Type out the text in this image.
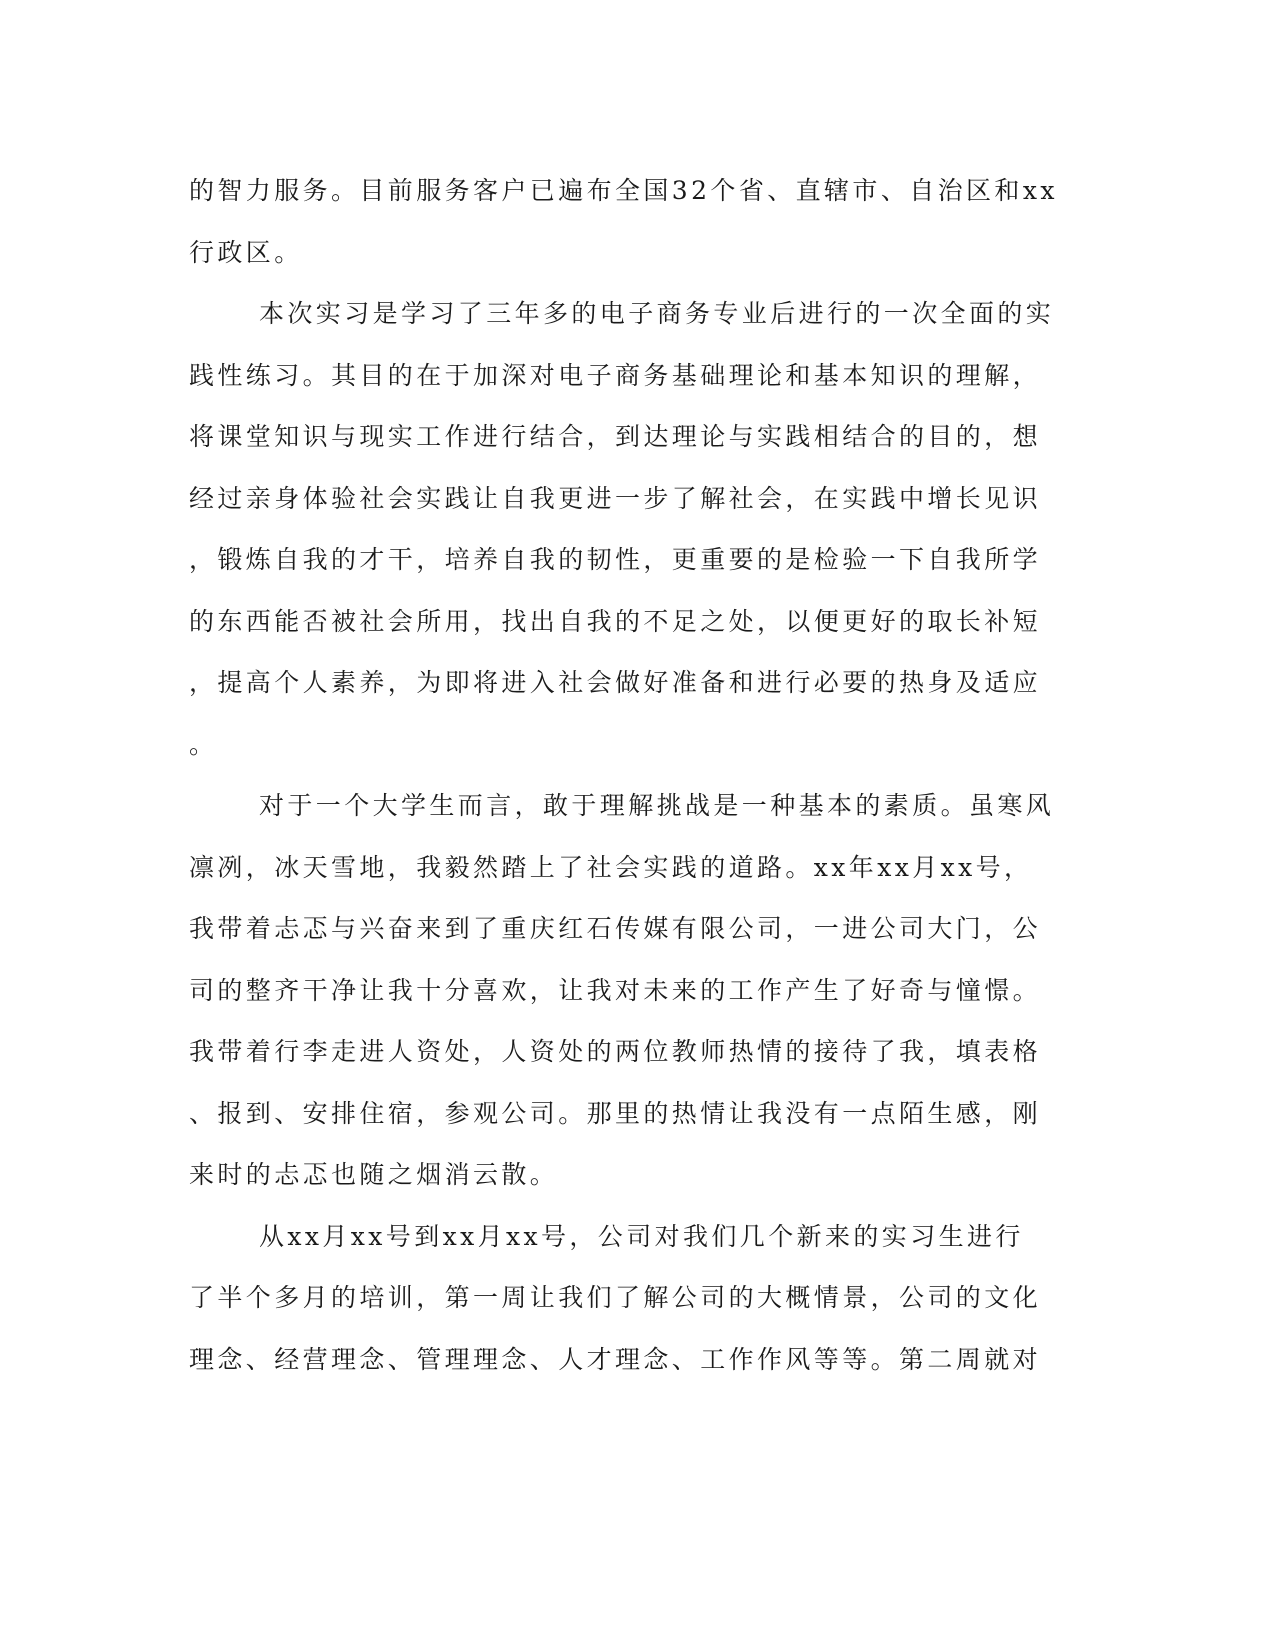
的智力服务。目前服务客户已遍布全国32个省、直辖市、自治区和xx
行政区。
本次实习是学习了三年多的电子商务专业后进行的一次全面的实
践性练习。其目的在于加深对电子商务基础理论和基本知识的理解，
将课堂知识与现实工作进行结合，到达理论与实践相结合的目的，想
经过亲身体验社会实践让自我更进一步了解社会，在实践中增长见识
，锻炼自我的才干，培养自我的韧性，更重要的是检验一下自我所学
的东西能否被社会所用，找出自我的不足之处，以便更好的取长补短
，提高个人素养，为即将进入社会做好准备和进行必要的热身及适应
。
对于一个大学生而言，敢于理解挑战是一种基本的素质。虽寒风
凛冽，冰天雪地，我毅然踏上了社会实践的道路。xx年xx月xx号，
我带着忐忑与兴奋来到了重庆红石传媒有限公司，一进公司大门，公
司的整齐干净让我十分喜欢，让我对未来的工作产生了好奇与憧憬。
我带着行李走进人资处，人资处的两位教师热情的接待了我，填表格
、报到、安排住宿，参观公司。那里的热情让我没有一点陌生感，刚
来时的忐忑也随之烟消云散。
从xx月xx号到xx月xx号，公司对我们几个新来的实习生进行
了半个多月的培训，第一周让我们了解公司的大概情景，公司的文化
理念、经营理念、管理理念、人才理念、工作作风等等。第二周就对
